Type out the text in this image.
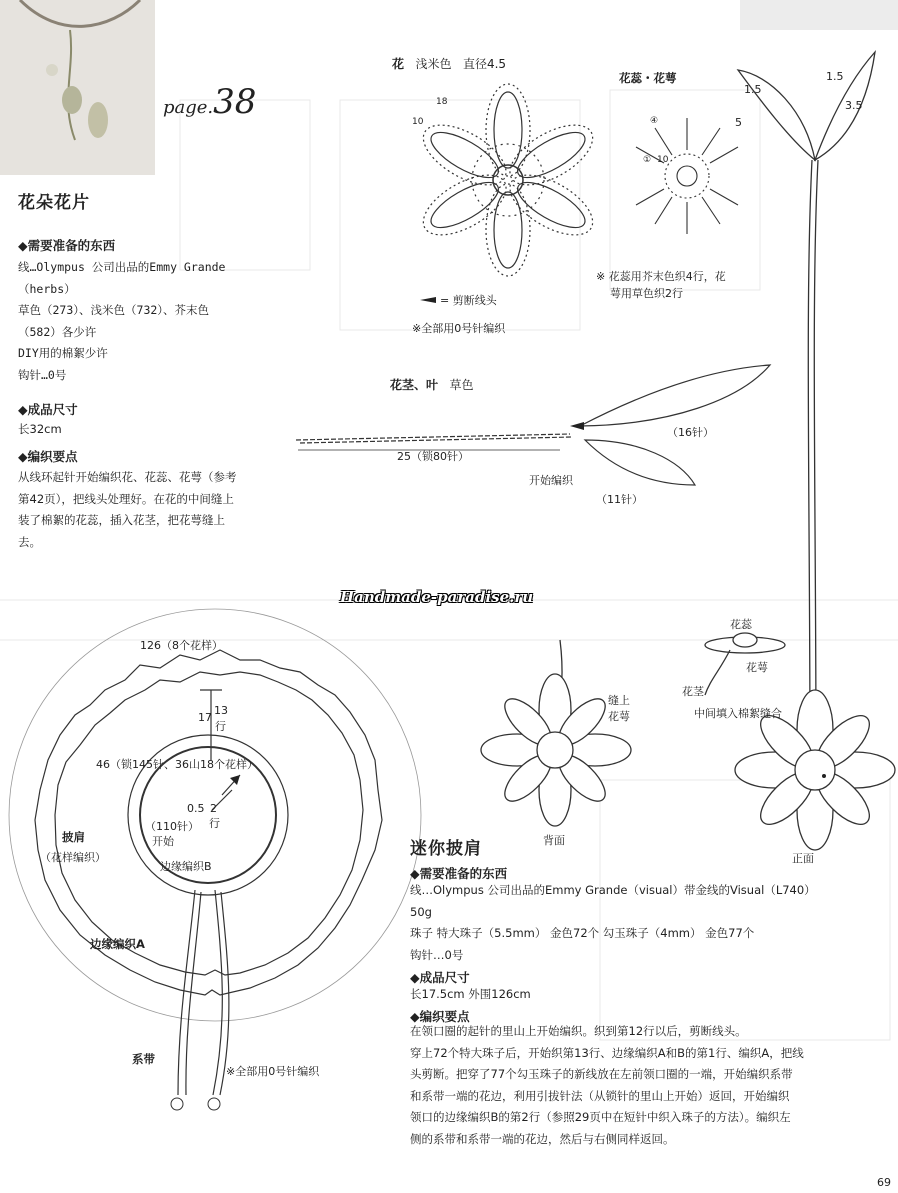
page.38
花朵花片
◆需要准备的东西
线…Olympus 公司出品的Emmy Grande
（herbs）
草色（273）、浅米色（732）、芥末色
（582）各少许
DIY用的棉絮少许
钩针…0号
◆成品尺寸
长32cm
◆编织要点
从线环起针开始编织花、花蕊、花萼（参考
第42页），把线头处理好。在花的中间缝上
装了棉絮的花蕊，插入花茎，把花萼缝上
去。
花 浅米色 直径4.5
18
10
= 剪断线头
※全部用0号针编织
花蕊・花萼
④
① 10
※ 花蕊用芥末色织4行，花
萼用草色织2行
花茎、叶 草色
25（锁80针）
开始编织
（16针）
（11针）
Handmade-paradise.ru
1.5
1.5
3.5
5
花蕊
花萼
花茎
中间填入棉絮缝合
缝上
花萼
背面
正面
126（8个花样）
17
13
行
46（锁145针、36山18个花样）
0.5 2
行
（110针）
开始
边缘编织B
披肩
（花样编织）
边缘编织A
系带
※全部用0号针编织
迷你披肩
◆需要准备的东西
线…Olympus 公司出品的Emmy Grande（visual）带金线的Visual（L740）
50g
珠子 特大珠子（5.5mm） 金色72个 勾玉珠子（4mm） 金色77个
钩针…0号
◆成品尺寸
长17.5cm 外围126cm
◆编织要点
在领口圈的起针的里山上开始编织。织到第12行以后，剪断线头。
穿上72个特大珠子后，开始织第13行、边缘编织A和B的第1行、编织A，把线
头剪断。把穿了77个勾玉珠子的新线放在左前领口圈的一端，开始编织系带
和系带一端的花边，利用引拔针法（从锁针的里山上开始）返回，开始编织
领口的边缘编织B的第2行（参照29页中在短针中织入珠子的方法）。编织左
侧的系带和系带一端的花边，然后与右侧同样返回。
69
